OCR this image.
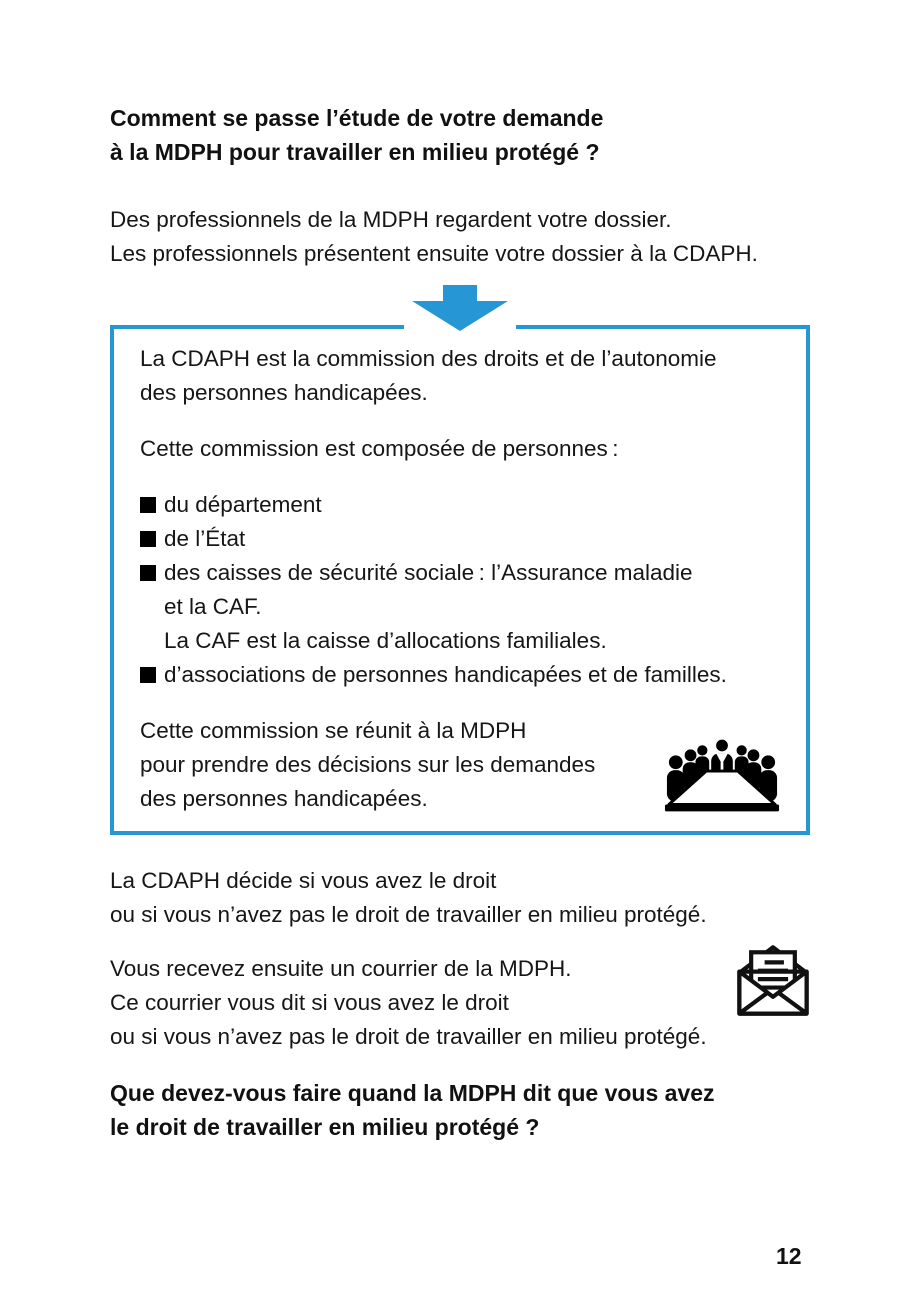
Comment se passe l’étude de votre demande
à la MDPH pour travailler en milieu protégé ?

Des professionnels de la MDPH regardent votre dossier.
Les professionnels présentent ensuite votre dossier à la CDAPH.

La CDAPH est la commission des droits et de l’autonomie
des personnes handicapées.

Cette commission est composée de personnes :

du département
de l’État
des caisses de sécurité sociale : l’Assurance maladie
et la CAF.
La CAF est la caisse d’allocations familiales.
d’associations de personnes handicapées et de familles.

Cette commission se réunit à la MDPH
pour prendre des décisions sur les demandes
des personnes handicapées.

La CDAPH décide si vous avez le droit
ou si vous n’avez pas le droit de travailler en milieu protégé.

Vous recevez ensuite un courrier de la MDPH.
Ce courrier vous dit si vous avez le droit
ou si vous n’avez pas le droit de travailler en milieu protégé.

Que devez-vous faire quand la MDPH dit que vous avez
le droit de travailler en milieu protégé ?
12
